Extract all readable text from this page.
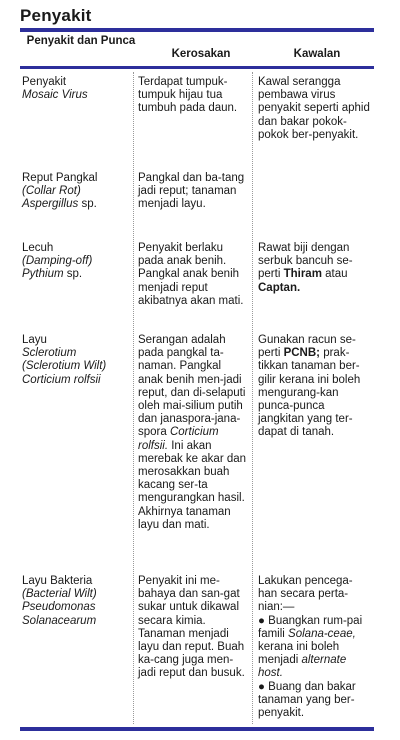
Penyakit
Penyakit dan Punca
Kerosakan	Kawalan
Penyakit
Mosaic Virus
Terdapat tumpuk-tumpuk hijau tua tumbuh pada daun.
Kawal serangga pembawa virus penyakit seperti aphid dan bakar pokok-pokok ber-penyakit.
Reput Pangkal
(Collar Rot)
Aspergillus sp.
Pangkal dan ba-tang jadi reput; tanaman menjadi layu.
Lecuh
(Damping-off)
Pythium sp.
Penyakit berlaku pada anak benih. Pangkal anak benih menjadi reput akibatnya akan mati.
Rawat biji dengan serbuk bancuh se-perti Thiram atau Captan.
Layu
Sclerotium
(Sclerotium Wilt)
Corticium rolfsii
Serangan adalah pada pangkal ta-naman. Pangkal anak benih men-jadi reput, dan di-selaputi oleh mai-silium putih dan janaspora-jana-spora Corticium rolfsii. Ini akan merebak ke akar dan merosakkan buah kacang ser-ta mengurangkan hasil. Akhirnya tanaman layu dan mati.
Gunakan racun se-perti PCNB; prak-tikkan tanaman ber-gilir kerana ini boleh mengurang-kan punca-punca jangkitan yang ter-dapat di tanah.
Layu Bakteria
(Bacterial Wilt)
Pseudomonas
Solanacearum
Penyakit ini me-bahaya dan san-gat sukar untuk dikawal secara kimia. Tanaman menjadi layu dan reput. Buah ka-cang juga men-jadi reput dan busuk.
Lakukan pencega-han secara perta-nian:—
● Buangkan rum-pai famili Solana-ceae, kerana ini boleh menjadi alternate host.
● Buang dan bakar tanaman yang ber-penyakit.
